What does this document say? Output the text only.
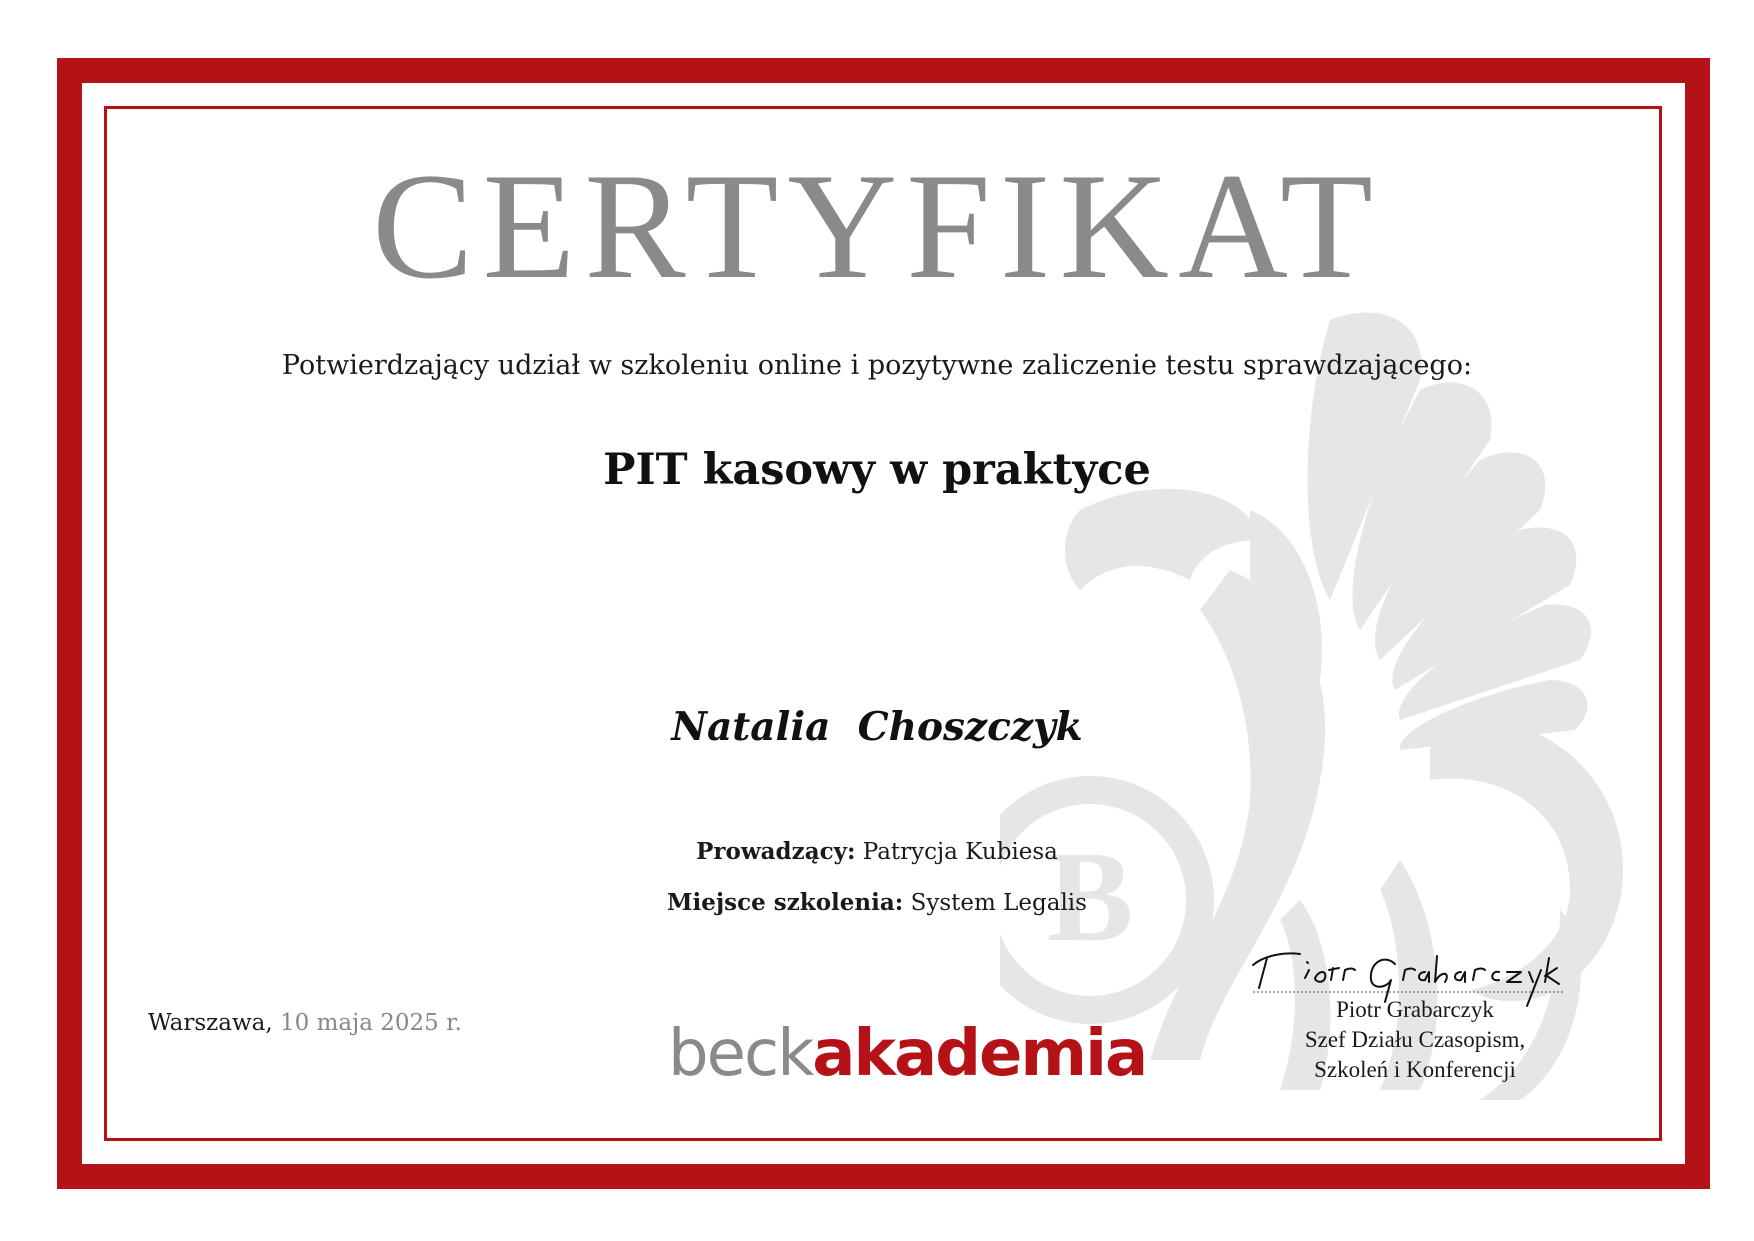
B
CERTYFIKAT
Potwierdzający udział w szkoleniu online i pozytywne zaliczenie testu sprawdzającego:
PIT kasowy w praktyce
Natalia  Choszczyk
Prowadzący: Patrycja Kubiesa
Miejsce szkolenia: System Legalis
Warszawa, 10 maja 2025 r.	beckakademia
Piotr Grabarczyk
Szef Działu Czasopism,
Szkoleń i Konferencji
